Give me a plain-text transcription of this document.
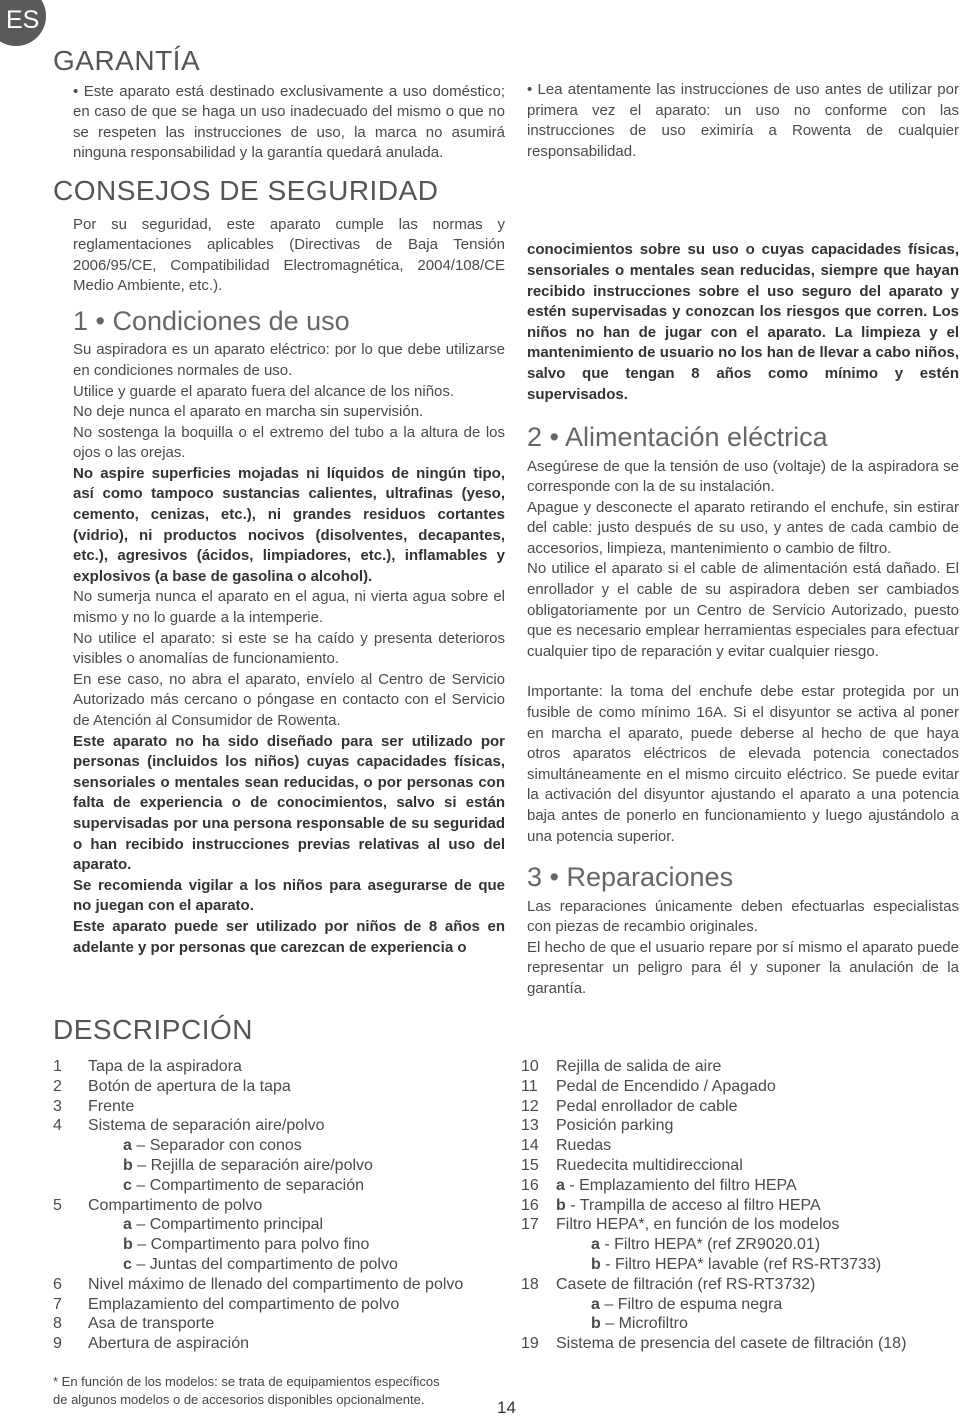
ES
GARANTÍA

• Este aparato está destinado exclusivamente a uso doméstico; en caso de que se haga un uso inadecuado del mismo o que no se respeten las instrucciones de uso, la marca no asumirá ninguna responsabilidad y la garantía quedará anulada.

CONSEJOS DE SEGURIDAD

Por su seguridad, este aparato cumple las normas y reglamentaciones aplicables (Directivas de Baja Tensión 2006/95/CE, Compatibilidad Electromagnética, 2004/108/CE Medio Ambiente, etc.).

1 • Condiciones de uso

Su aspiradora es un aparato eléctrico: por lo que debe utilizarse en condiciones normales de uso.

Utilice y guarde el aparato fuera del alcance de los niños.

No deje nunca el aparato en marcha sin supervisión.

No sostenga la boquilla o el extremo del tubo a la altura de los ojos o las orejas.

No aspire superficies mojadas ni líquidos de ningún tipo, así como tampoco sustancias calientes, ultrafinas (yeso, cemento, cenizas, etc.), ni grandes residuos cortantes (vidrio), ni productos nocivos (disolventes, decapantes, etc.), agresivos (ácidos, limpiadores, etc.), inflamables y explosivos (a base de gasolina o alcohol).

No sumerja nunca el aparato en el agua, ni vierta agua sobre el mismo y no lo guarde a la intemperie.

No utilice el aparato: si este se ha caído y presenta deterioros visibles o anomalías de funcionamiento.

En ese caso, no abra el aparato, envíelo al Centro de Servicio Autorizado más cercano o póngase en contacto con el Servicio de Atención al Consumidor de Rowenta.

Este aparato no ha sido diseñado para ser utilizado por personas (incluidos los niños) cuyas capacidades físicas, sensoriales o mentales sean reducidas, o por personas con falta de experiencia o de conocimientos, salvo si están supervisadas por una persona responsable de su seguridad o han recibido instrucciones previas relativas al uso del aparato.

Se recomienda vigilar a los niños para asegurarse de que no juegan con el aparato.

Este aparato puede ser utilizado por niños de 8 años en adelante y por personas que carezcan de experiencia o

• Lea atentamente las instrucciones de uso antes de utilizar por primera vez el aparato: un uso no conforme con las instrucciones de uso eximiría a Rowenta de cualquier responsabilidad.

conocimientos sobre su uso o cuyas capacidades físicas, sensoriales o mentales sean reducidas, siempre que hayan recibido instrucciones sobre el uso seguro del aparato y estén supervisadas y conozcan los riesgos que corren. Los niños no han de jugar con el aparato. La limpieza y el mantenimiento de usuario no los han de llevar a cabo niños, salvo que tengan 8 años como mínimo y estén supervisados.

2 • Alimentación eléctrica

Asegúrese de que la tensión de uso (voltaje) de la aspiradora se corresponde con la de su instalación.

Apague y desconecte el aparato retirando el enchufe, sin estirar del cable: justo después de su uso, y antes de cada cambio de accesorios, limpieza, mantenimiento o cambio de filtro.

No utilice el aparato si el cable de alimentación está dañado. El enrollador y el cable de su aspiradora deben ser cambiados obligatoriamente por un Centro de Servicio Autorizado, puesto que es necesario emplear herramientas especiales para efectuar cualquier tipo de reparación y evitar cualquier riesgo.

Importante: la toma del enchufe debe estar protegida por un fusible de como mínimo 16A. Si el disyuntor se activa al poner en marcha el aparato, puede deberse al hecho de que haya otros aparatos eléctricos de elevada potencia conectados simultáneamente en el mismo circuito eléctrico. Se puede evitar la activación del disyuntor ajustando el aparato a una potencia baja antes de ponerlo en funcionamiento y luego ajustándolo a una potencia superior.

3 • Reparaciones

Las reparaciones únicamente deben efectuarlas especialistas con piezas de recambio originales.

El hecho de que el usuario repare por sí mismo el aparato puede representar un peligro para él y suponer la anulación de la garantía.

DESCRIPCIÓN
1	Tapa de la aspiradora
2	Botón de apertura de la tapa
3	Frente
4	Sistema de separación aire/polvo
a – Separador con conos
b – Rejilla de separación aire/polvo
c – Compartimento de separación
5	Compartimento de polvo
a – Compartimento principal
b – Compartimento para polvo fino
c – Juntas del compartimento de polvo
6	Nivel máximo de llenado del compartimento de polvo
7	Emplazamiento del compartimento de polvo
8	Asa de transporte
9	Abertura de aspiración
10	Rejilla de salida de aire
11	Pedal de Encendido / Apagado
12	Pedal enrollador de cable
13	Posición parking
14	Ruedas
15	Ruedecita multidireccional
16	a - Emplazamiento del filtro HEPA
16	b - Trampilla de acceso al filtro HEPA
17	Filtro HEPA*, en función de los modelos
a - Filtro HEPA* (ref ZR9020.01)
b - Filtro HEPA* lavable (ref RS-RT3733)
18	Casete de filtración (ref RS-RT3732)
a – Filtro de espuma negra
b – Microfiltro
19	Sistema de presencia del casete de filtración (18)
* En función de los modelos: se trata de equipamientos específicos
de algunos modelos o de accesorios disponibles opcionalmente.	14
